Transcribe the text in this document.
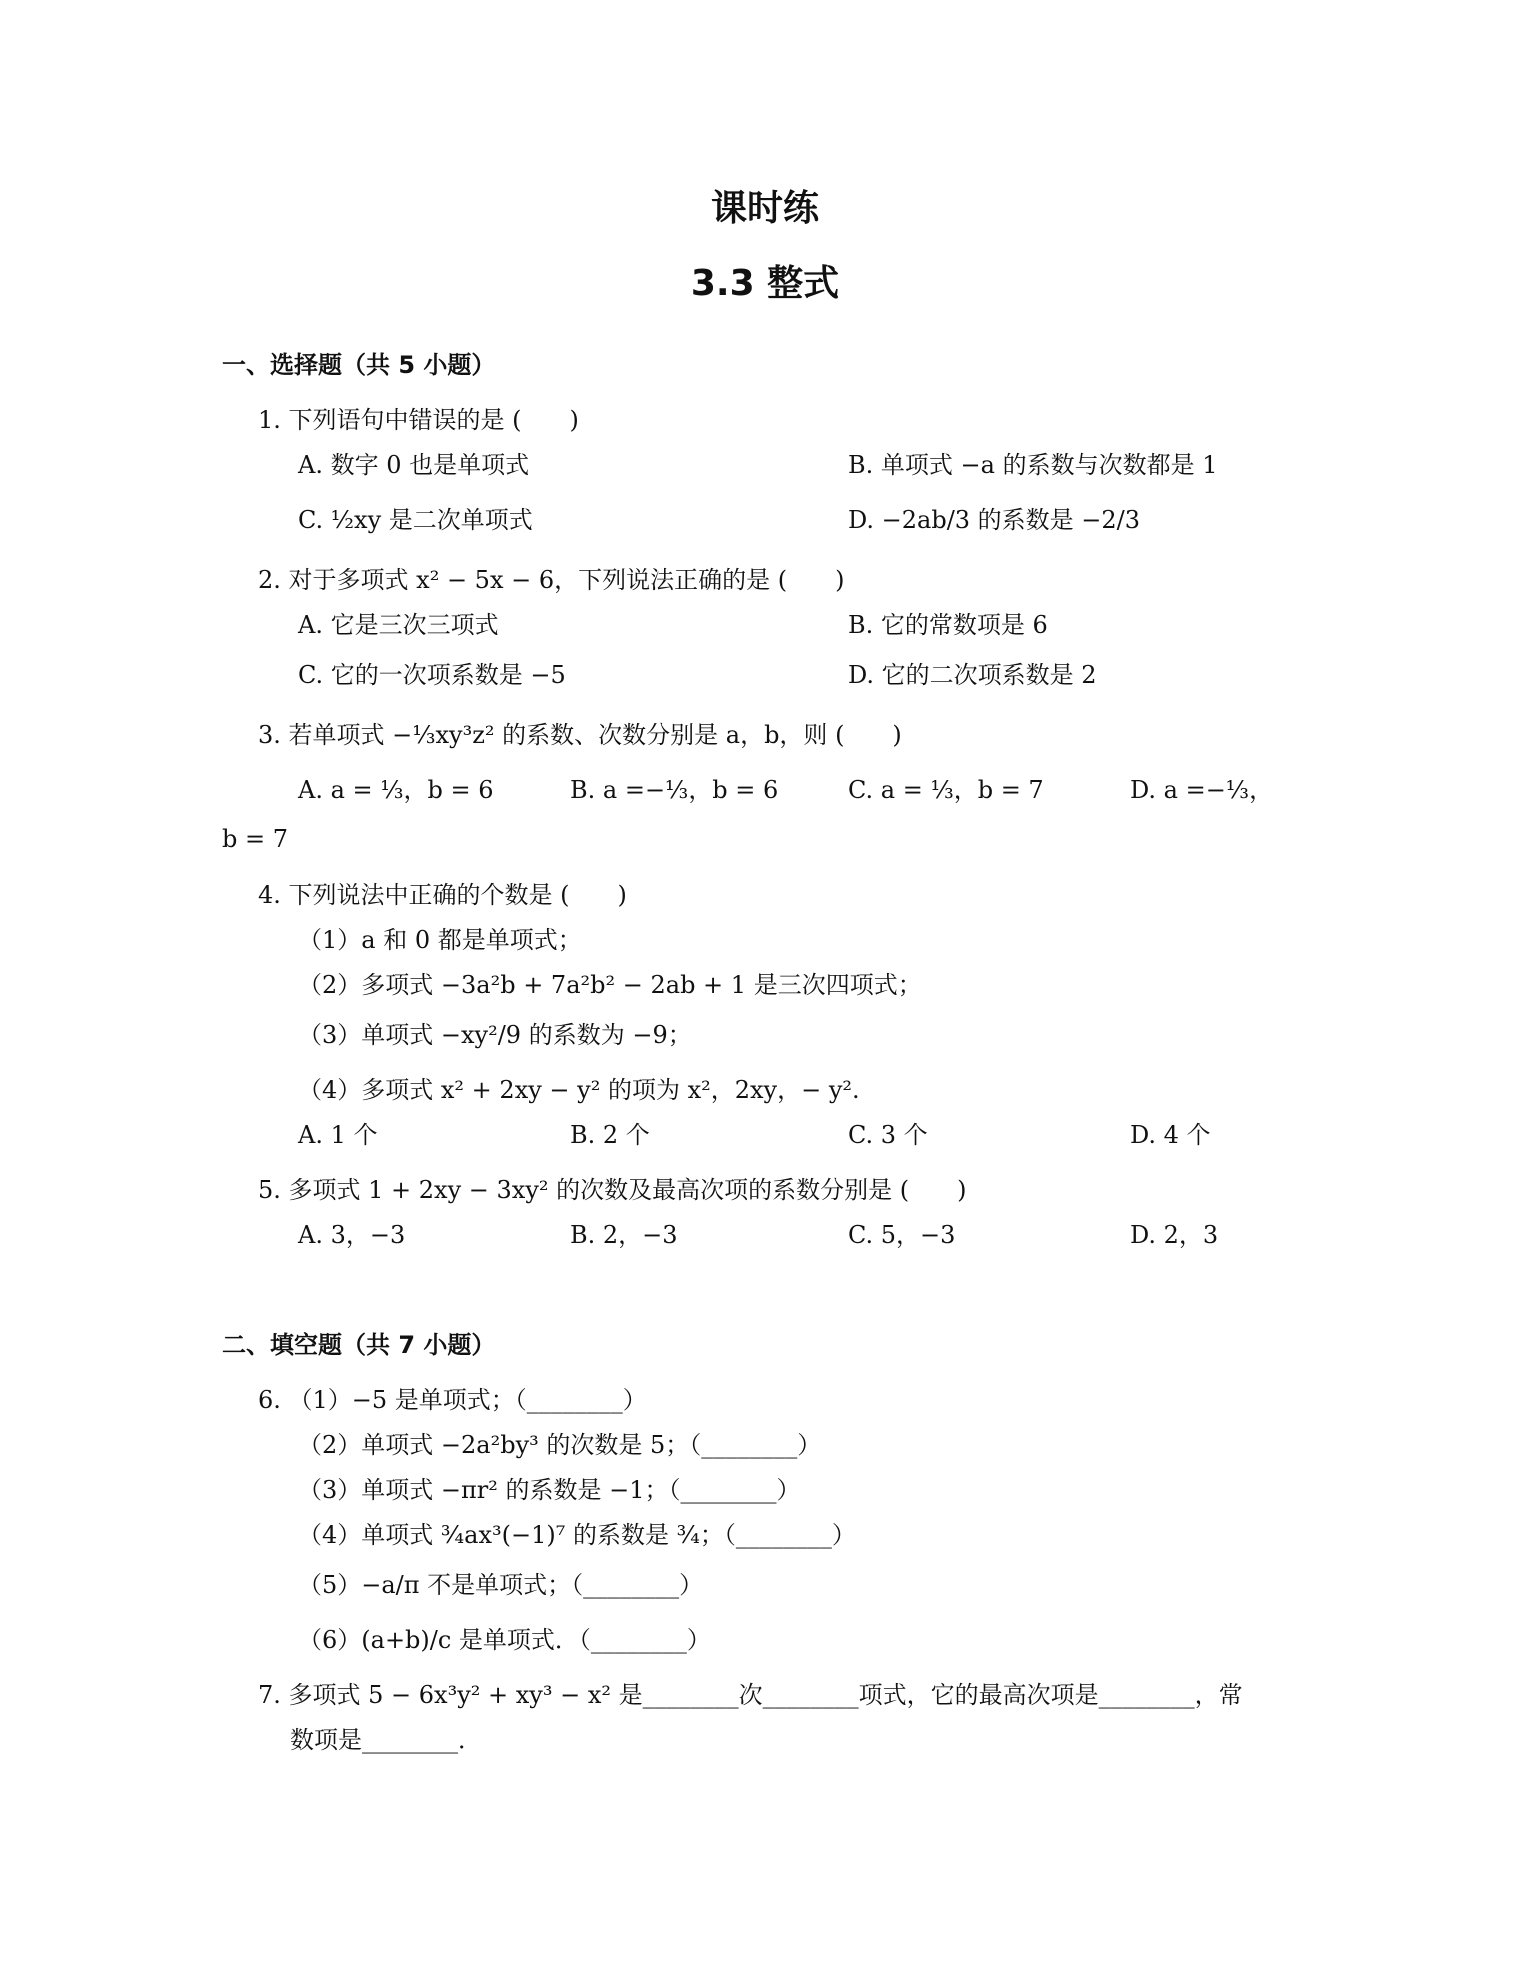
课时练
3.3 整式
一、选择题（共 5 小题）
1. 下列语句中错误的是 (　　)
A. 数字 0 也是单项式	B. 单项式 −a 的系数与次数都是 1
C. ½xy 是二次单项式	D. −2ab/3 的系数是 −2/3
2. 对于多项式 x² − 5x − 6，下列说法正确的是 (　　)
A. 它是三次三项式	B. 它的常数项是 6
C. 它的一次项系数是 −5	D. 它的二次项系数是 2
3. 若单项式 −⅓xy³z² 的系数、次数分别是 a，b，则 (　　)
A. a = ⅓，b = 6	B. a =−⅓，b = 6	C. a = ⅓，b = 7	D. a =−⅓，
b = 7
4. 下列说法中正确的个数是 (　　)
（1）a 和 0 都是单项式；
（2）多项式 −3a²b + 7a²b² − 2ab + 1 是三次四项式；
（3）单项式 −xy²/9 的系数为 −9；
（4）多项式 x² + 2xy − y² 的项为 x²，2xy，− y².
A. 1 个	B. 2 个	C. 3 个	D. 4 个
5. 多项式 1 + 2xy − 3xy² 的次数及最高次项的系数分别是 (　　)
A. 3，−3	B. 2，−3	C. 5，−3	D. 2，3
二、填空题（共 7 小题）
6. （1）−5 是单项式；（________）
（2）单项式 −2a²by³ 的次数是 5；（________）
（3）单项式 −πr² 的系数是 −1；（________）
（4）单项式 ¾ax³(−1)⁷ 的系数是 ¾；（________）
（5）−a/π 不是单项式；（________）
（6）(a+b)/c 是单项式．（________）
7. 多项式 5 − 6x³y² + xy³ − x² 是________次________项式，它的最高次项是________，常
数项是________．
